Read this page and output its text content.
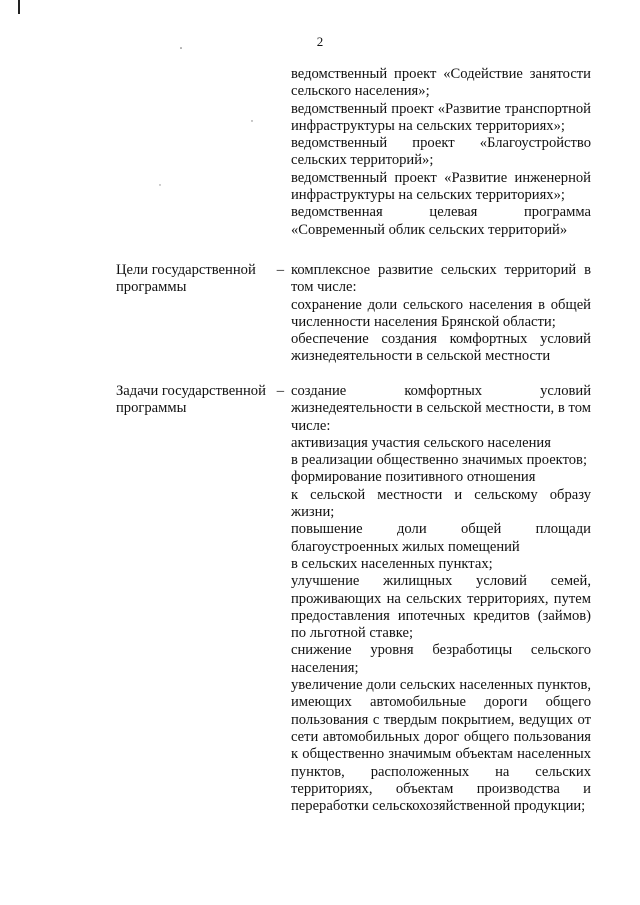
2

ведомственный проект «Содействие занятости сельского населения»;

ведомственный проект «Развитие транспортной инфраструктуры на сельских территориях»;

ведомственный проект «Благоустройство сельских территорий»;

ведомственный проект «Развитие инженерной инфраструктуры на сельских территориях»;

ведомственная целевая программа «Современный облик сельских территорий»

Цели государственной –
программы

комплексное развитие сельских территорий в том числе:

сохранение доли сельского населения в общей численности населения Брянской области;

обеспечение создания комфортных условий жизнедеятельности в сельской местности

Задачи государственной –
программы

создание комфортных условий жизнедеятельности в сельской местности, в том числе:

активизация участия сельского населения

в реализации общественно значимых проектов;

формирование позитивного отношения

к сельской местности и сельскому образу жизни;

повышение доли общей площади благоустроенных жилых помещений

в сельских населенных пунктах;

улучшение жилищных условий семей, проживающих на сельских территориях, путем предоставления ипотечных кредитов (займов) по льготной ставке;

снижение уровня безработицы сельского населения;

увеличение доли сельских населенных пунктов, имеющих автомобильные дороги общего пользования с твердым покрытием, ведущих от сети автомобильных дорог общего пользования к общественно значимым объектам населенных пунктов, расположенных на сельских территориях, объектам производства и переработки сельскохозяйственной продукции;
